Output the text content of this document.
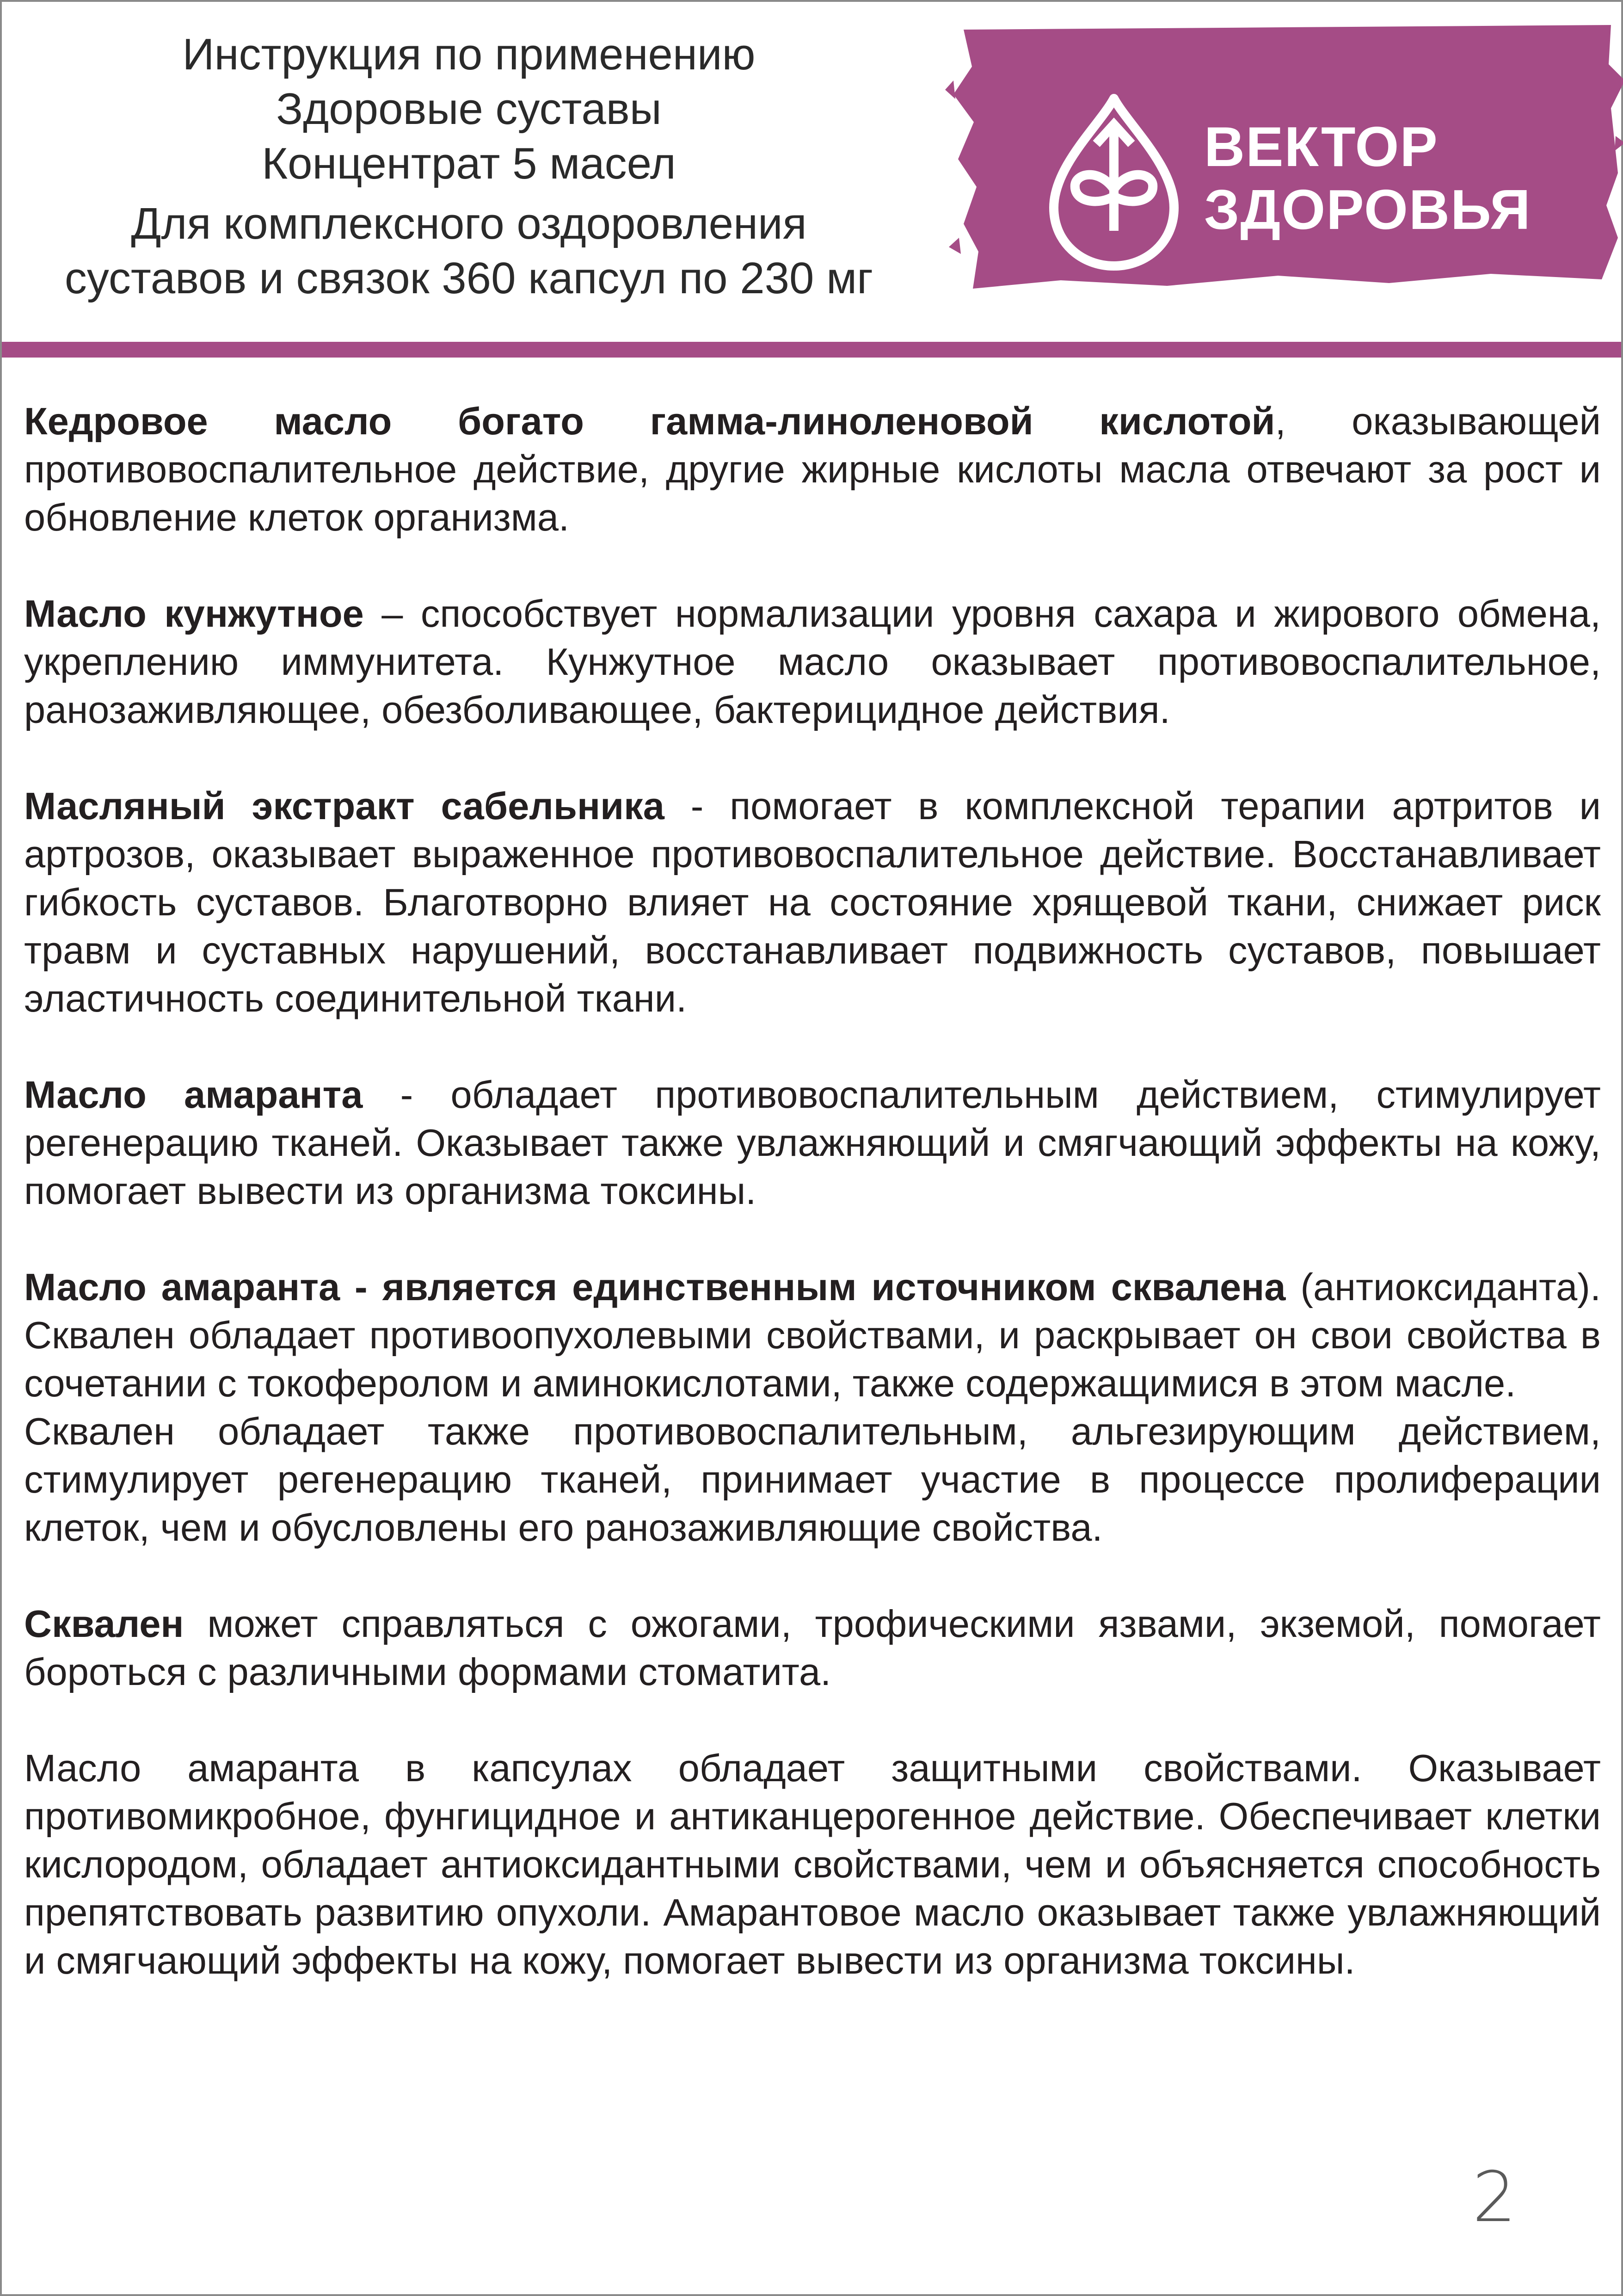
Инструкция по применению
Здоровые суставы
Концентрат 5 масел
Для комплексного оздоровления
суставов и связок 360 капсул по 230 мг
ВЕКТОР
ЗДОРОВЬЯ

Кедровое масло богато гамма-линоленовой кислотой, оказывающей противовоспалительное действие, другие жирные кислоты масла отвечают за рост и обновление клеток организма.

Масло кунжутное – способствует нормализации уровня сахара и жирового обмена, укреплению иммунитета. Кунжутное масло оказывает противовоспалительное, ранозаживляющее, обезболивающее, бактерицидное действия.

Масляный экстракт сабельника - помогает в комплексной терапии артритов и артрозов, оказывает выраженное противовоспалительное действие. Восстанавливает гибкость суставов. Благотворно влияет на состояние хрящевой ткани, снижает риск травм и суставных нарушений, восстанавливает подвижность суставов, повышает эластичность соединительной ткани.

Масло амаранта - обладает противовоспалительным действием, стимулирует регенерацию тканей. Оказывает также увлажняющий и смягчающий эффекты на кожу, помогает вывести из организма токсины.

Масло амаранта - является единственным источником сквалена (антиоксиданта). Сквален обладает противоопухолевыми свойствами, и раскрывает он свои свойства в сочетании с токоферолом и аминокислотами, также содержащимися в этом масле.

Сквален обладает также противовоспалительным, альгезирующим действием, стимулирует регенерацию тканей, принимает участие в процессе пролиферации клеток, чем и обусловлены его ранозаживляющие свойства.

Сквален может справляться с ожогами, трофическими язвами, экземой, помогает бороться с различными формами стоматита.

Масло амаранта в капсулах обладает защитными свойствами. Оказывает противомикробное, фунгицидное и антиканцерогенное действие. Обеспечивает клетки кислородом, обладает антиоксидантными свойствами, чем и объясняется способность препятствовать развитию опухоли. Амарантовое масло оказывает также увлажняющий и смягчающий эффекты на кожу, помогает вывести из организма токсины.

2
